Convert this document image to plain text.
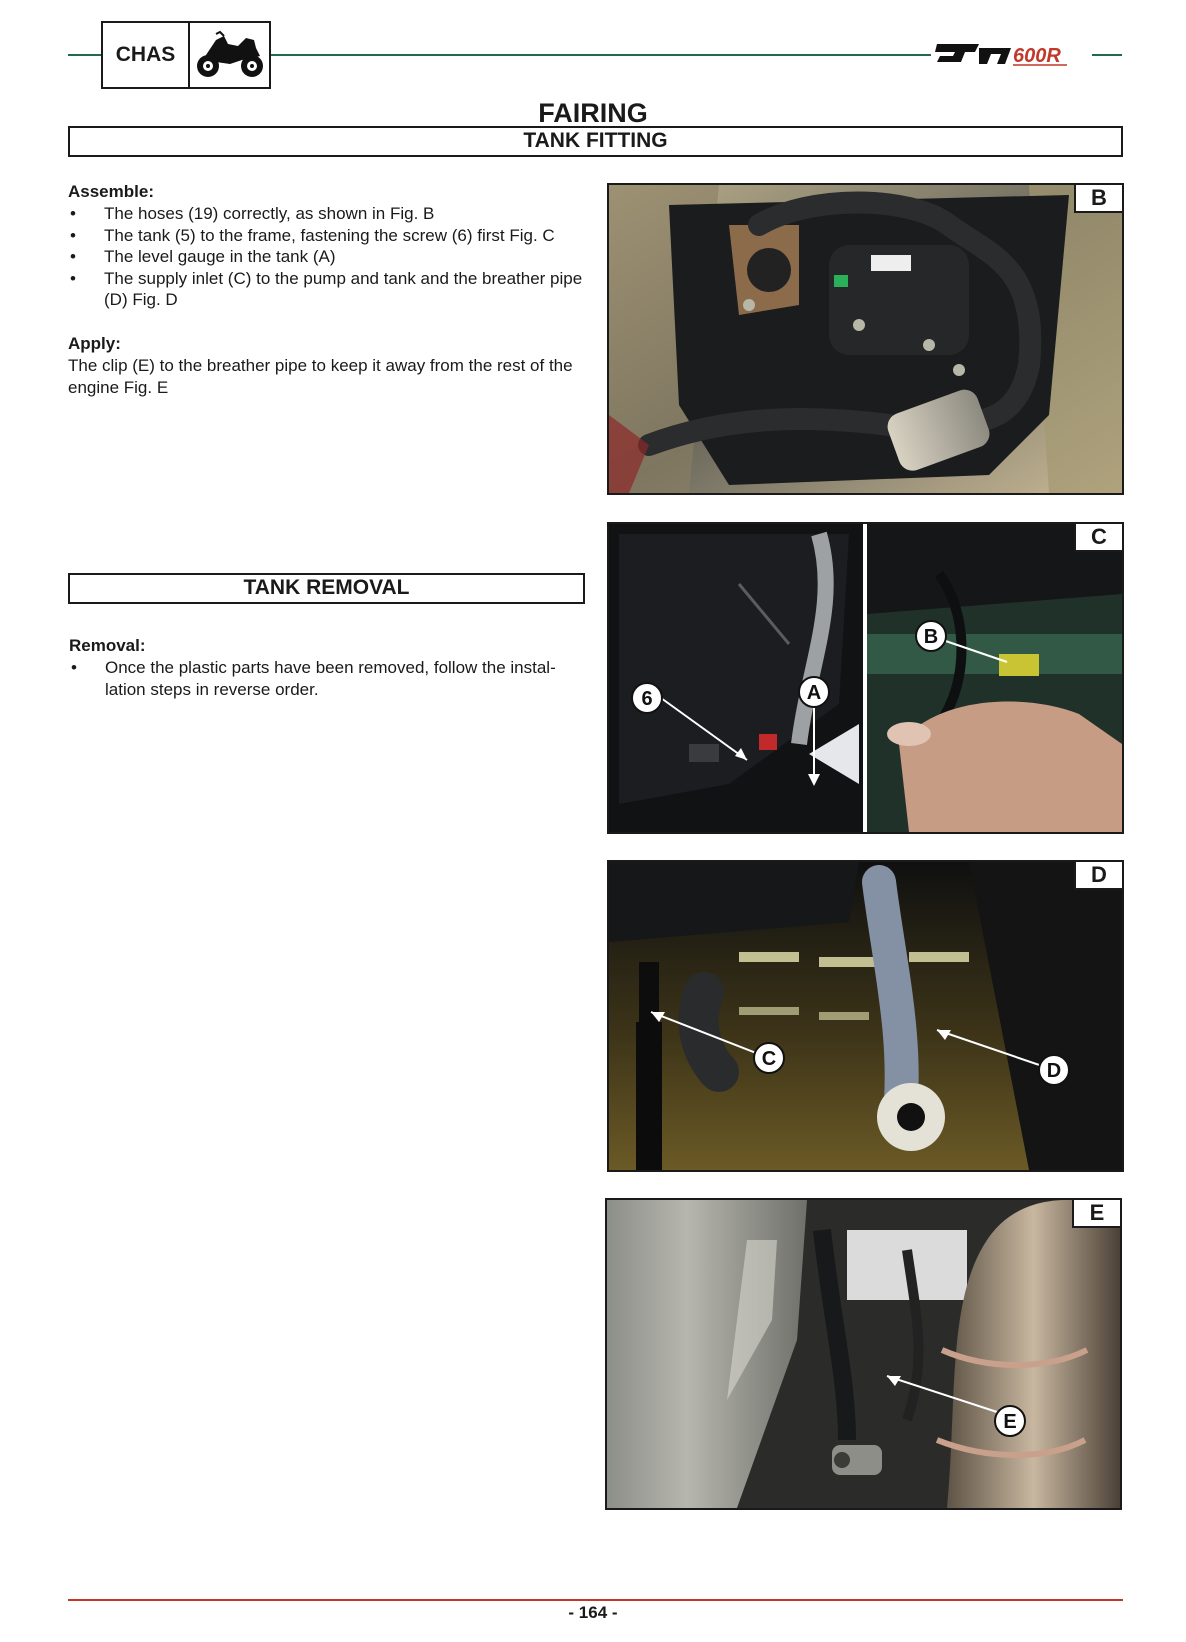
CHAS	600R
FAIRING
TANK FITTING
Assemble:
• The hoses (19) correctly, as shown in Fig. B
• The tank (5) to the frame, fastening the screw (6) first Fig. C
• The level gauge in the tank (A)
• The supply inlet (C) to the pump and tank and the breather pipe (D) Fig. D
Apply:
The clip (E) to the breather pipe to keep it away from the rest of the engine Fig. E
TANK REMOVAL
Removal:
• Once the plastic parts have been removed, follow the instal-lation steps in reverse order.
B
6	A
B
C
C
D
D
E
E
- 164 -
